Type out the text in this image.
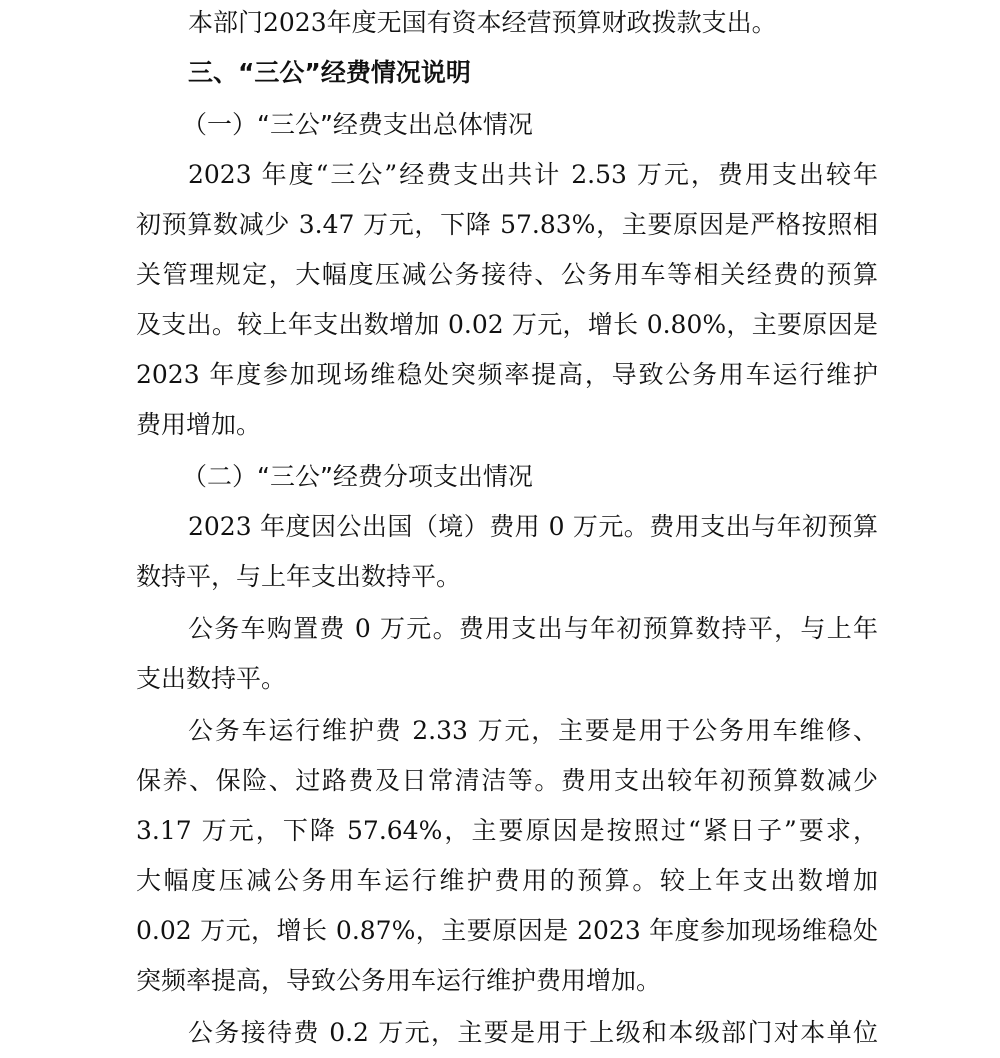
本部门2023年度无国有资本经营预算财政拨款支出。
三、“三公”经费情况说明
（一）“三公”经费支出总体情况
2023 年度“三公”经费支出共计 2.53 万元，费用支出较年
初预算数减少 3.47 万元，下降 57.83%，主要原因是严格按照相
关管理规定，大幅度压减公务接待、公务用车等相关经费的预算
及支出。较上年支出数增加 0.02 万元，增长 0.80%，主要原因是
2023 年度参加现场维稳处突频率提高，导致公务用车运行维护
费用增加。
（二）“三公”经费分项支出情况
2023 年度因公出国（境）费用 0 万元。费用支出与年初预算
数持平，与上年支出数持平。
公务车购置费 0 万元。费用支出与年初预算数持平，与上年
支出数持平。
公务车运行维护费 2.33 万元，主要是用于公务用车维修、
保养、保险、过路费及日常清洁等。费用支出较年初预算数减少
3.17 万元，下降 57.64%，主要原因是按照过“紧日子”要求，
大幅度压减公务用车运行维护费用的预算。较上年支出数增加
0.02 万元，增长 0.87%，主要原因是 2023 年度参加现场维稳处
突频率提高，导致公务用车运行维护费用增加。
公务接待费 0.2 万元，主要是用于上级和本级部门对本单位
